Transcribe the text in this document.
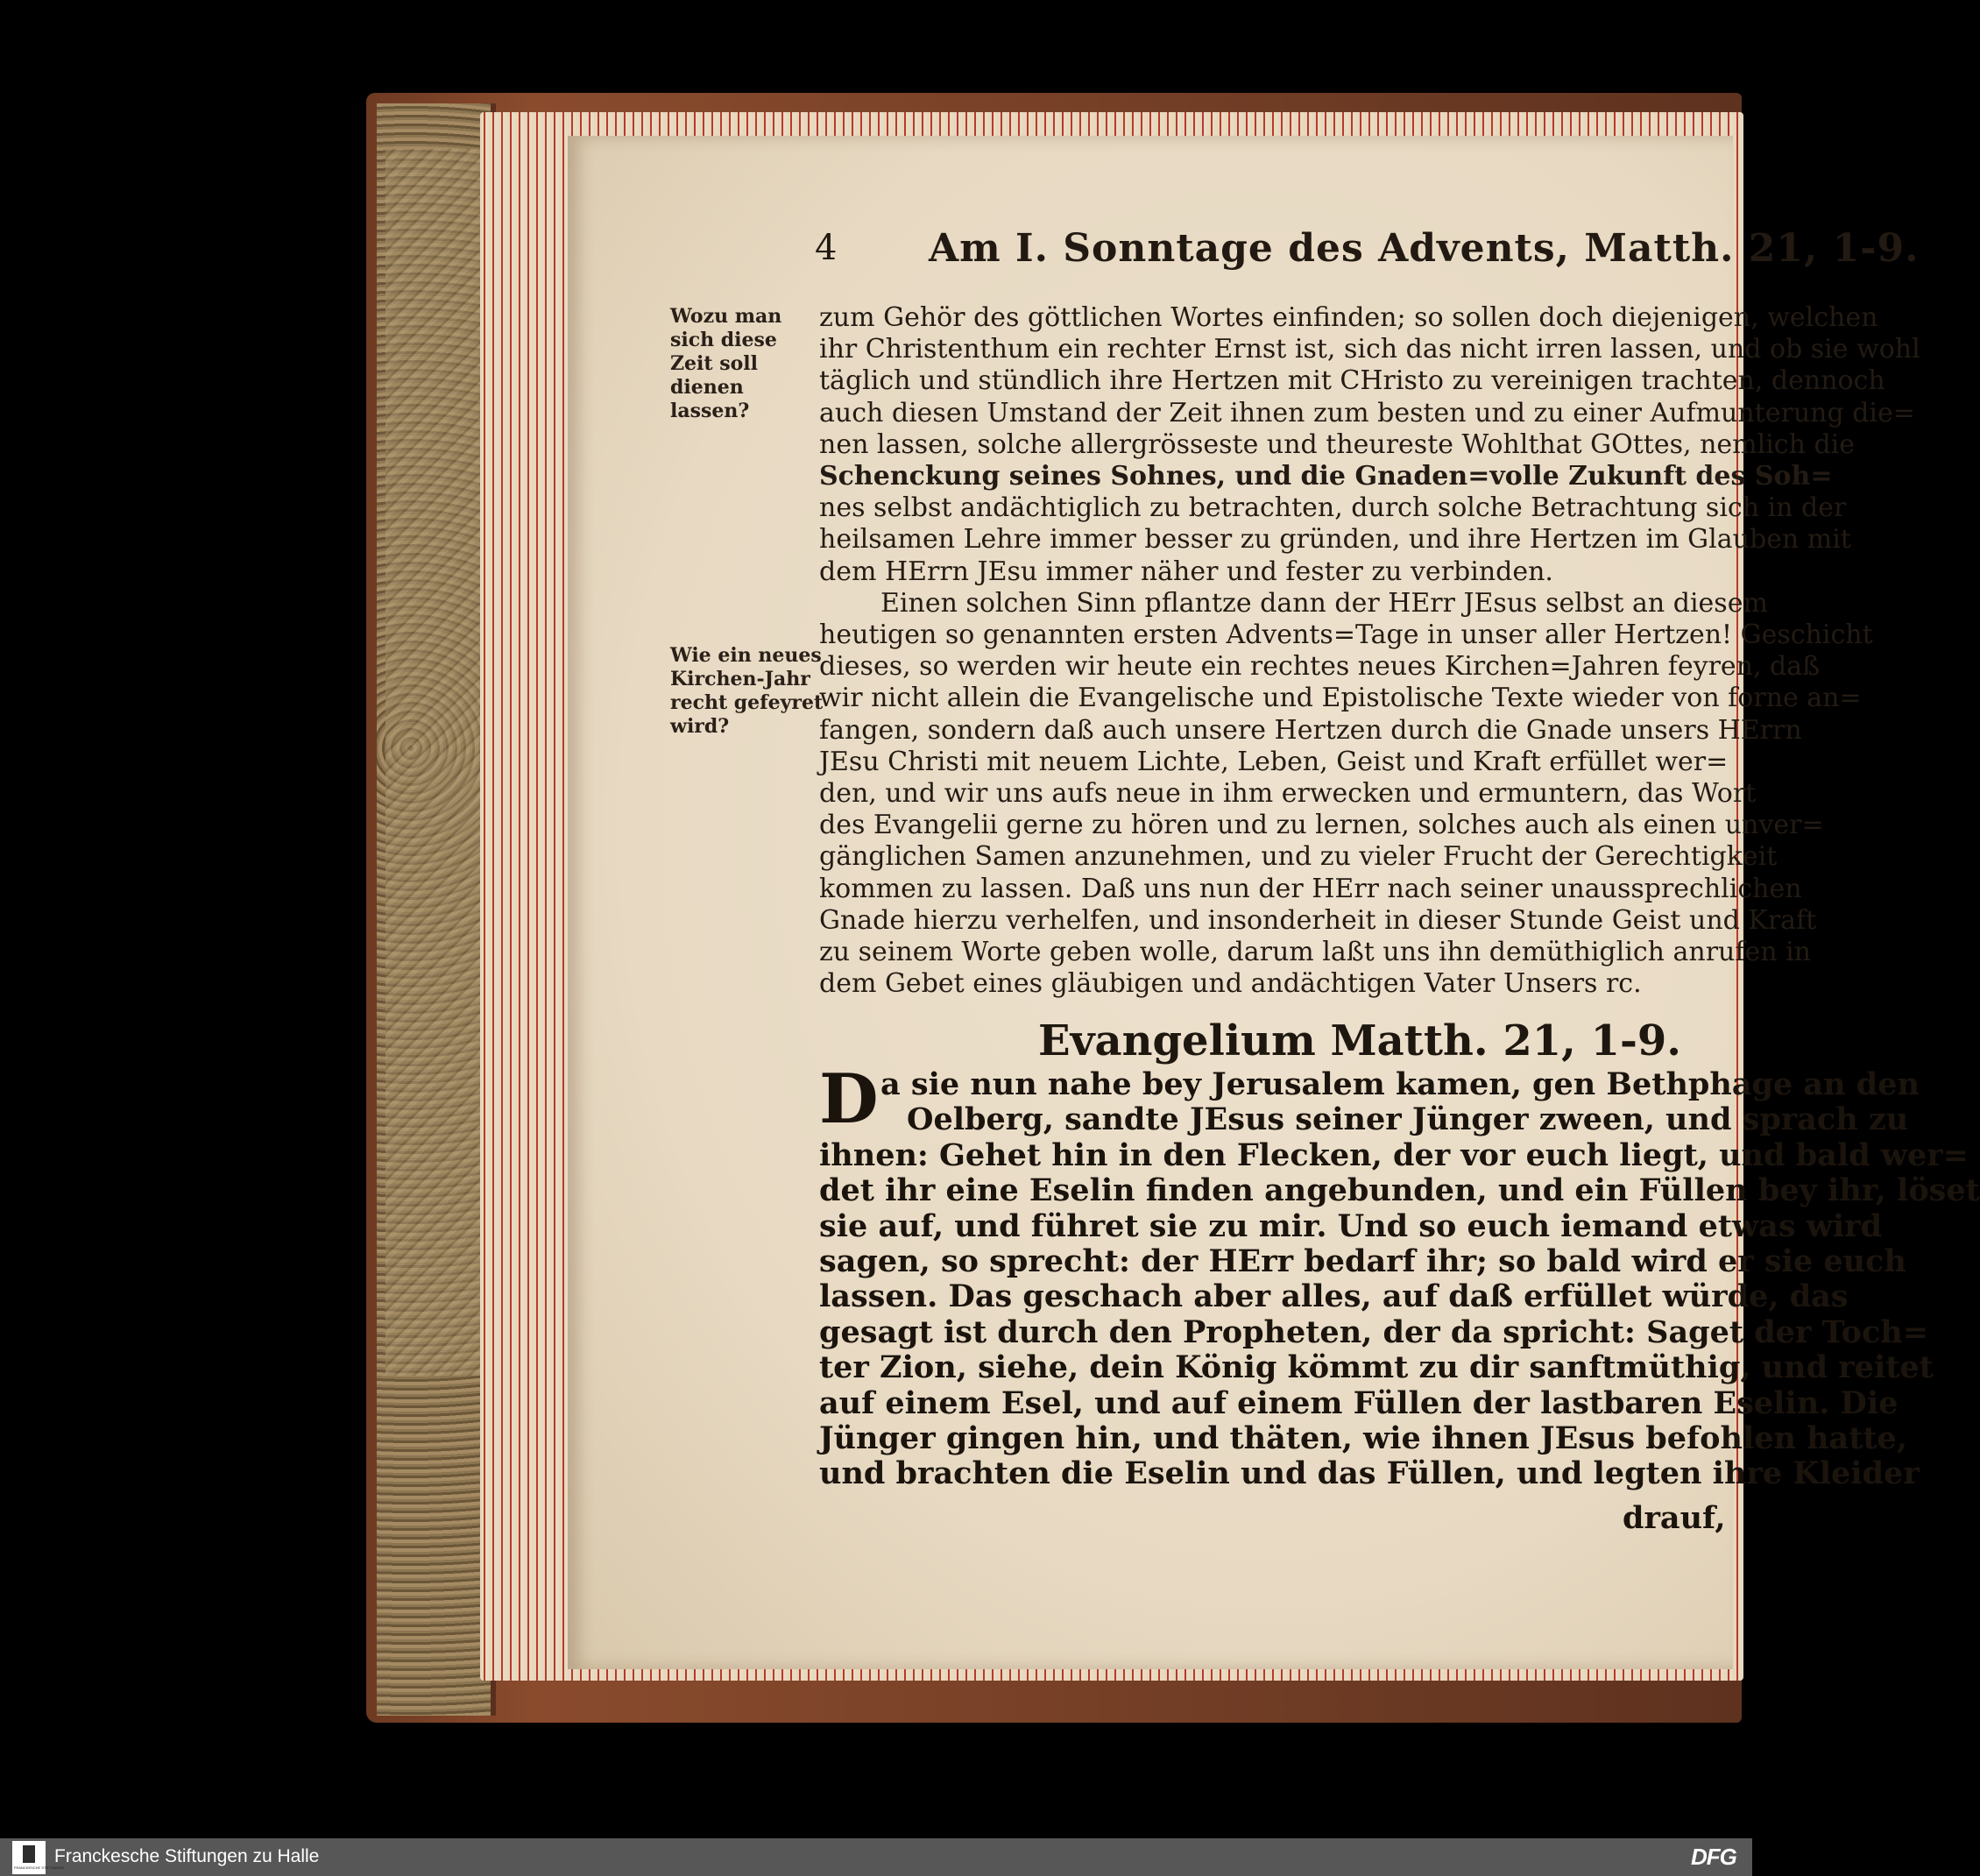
4 Am I. Sonntage des Advents, Matth. 21, 1-9.
Wozu man sich diese Zeit soll dienen lassen?
Wie ein neues Kirchen-Jahr recht gefeyret wird?
zum Gehör des göttlichen Wortes einfinden; so sollen doch diejenigen, welchen
ihr Christenthum ein rechter Ernst ist, sich das nicht irren lassen, und ob sie wohl
täglich und stündlich ihre Hertzen mit CHristo zu vereinigen trachten, dennoch
auch diesen Umstand der Zeit ihnen zum besten und zu einer Aufmunterung die=
nen lassen, solche allergrösseste und theureste Wohlthat GOttes, nemlich die
Schenckung seines Sohnes, und die Gnaden=volle Zukunft des Soh=
nes selbst andächtiglich zu betrachten, durch solche Betrachtung sich in der
heilsamen Lehre immer besser zu gründen, und ihre Hertzen im Glauben mit
dem HErrn JEsu immer näher und fester zu verbinden.
Einen solchen Sinn pflantze dann der HErr JEsus selbst an diesem
heutigen so genannten ersten Advents=Tage in unser aller Hertzen! Geschicht
dieses, so werden wir heute ein rechtes neues Kirchen=Jahren feyren, daß
wir nicht allein die Evangelische und Epistolische Texte wieder von forne an=
fangen, sondern daß auch unsere Hertzen durch die Gnade unsers HErrn
JEsu Christi mit neuem Lichte, Leben, Geist und Kraft erfüllet wer=
den, und wir uns aufs neue in ihm erwecken und ermuntern, das Wort
des Evangelii gerne zu hören und zu lernen, solches auch als einen unver=
gänglichen Samen anzunehmen, und zu vieler Frucht der Gerechtigkeit
kommen zu lassen. Daß uns nun der HErr nach seiner unaussprechlichen
Gnade hierzu verhelfen, und insonderheit in dieser Stunde Geist und Kraft
zu seinem Worte geben wolle, darum laßt uns ihn demüthiglich anrufen in
dem Gebet eines gläubigen und andächtigen Vater Unsers rc.
Evangelium Matth. 21, 1-9.
D a sie nun nahe bey Jerusalem kamen, gen Bethphage an den
Oelberg, sandte JEsus seiner Jünger zween, und sprach zu
ihnen: Gehet hin in den Flecken, der vor euch liegt, und bald wer=
det ihr eine Eselin finden angebunden, und ein Füllen bey ihr, löset
sie auf, und führet sie zu mir. Und so euch iemand etwas wird
sagen, so sprecht: der HErr bedarf ihr; so bald wird er sie euch
lassen. Das geschach aber alles, auf daß erfüllet würde, das
gesagt ist durch den Propheten, der da spricht: Saget der Toch=
ter Zion, siehe, dein König kömmt zu dir sanftmüthig, und reitet
auf einem Esel, und auf einem Füllen der lastbaren Eselin. Die
Jünger gingen hin, und thäten, wie ihnen JEsus befohlen hatte,
und brachten die Eselin und das Füllen, und legten ihre Kleider
drauf,
FRANCKESCHE STIFTUNGEN
Franckesche Stiftungen zu Halle	DFG
